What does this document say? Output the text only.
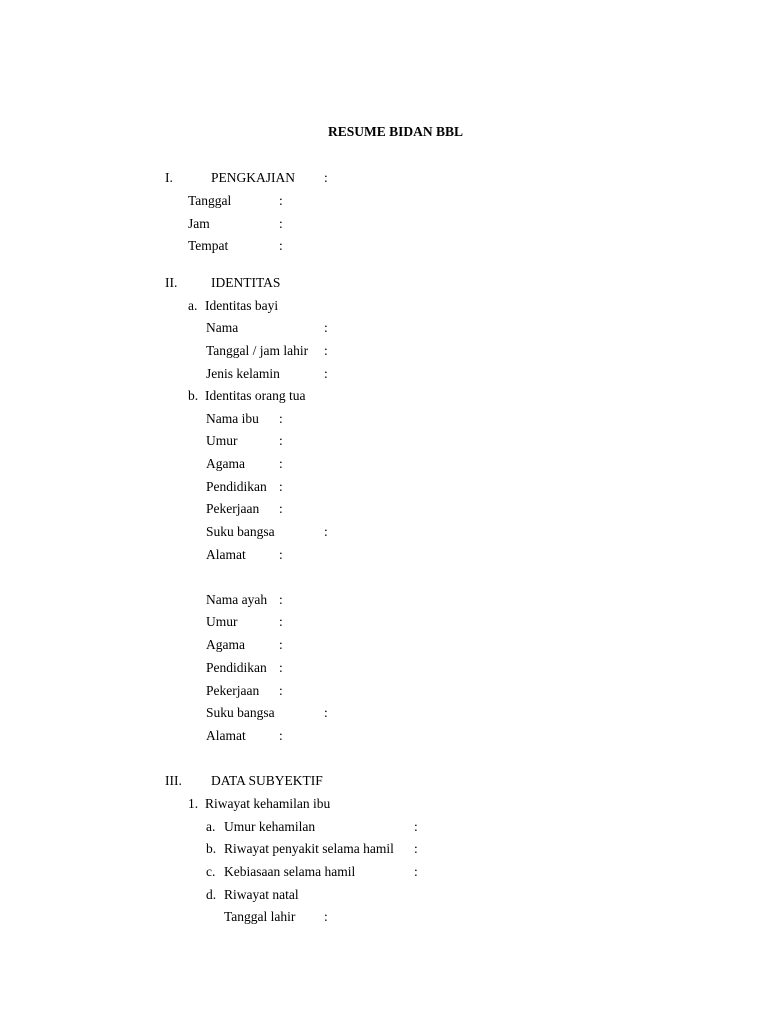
RESUME BIDAN BBL
I.	PENGKAJIAN :
Tanggal	:
Jam	:
Tempat	:
II. IDENTITAS
a. Identitas bayi
Nama	:
Tanggal / jam lahir :
Jenis kelamin	:
b. Identitas orang tua
Nama ibu :
Umur	:
Agama	:
Pendidikan :
Pekerjaan :
Suku bangsa	:
Alamat :
Nama ayah :
Umur	:
Agama	:
Pendidikan :
Pekerjaan :
Suku bangsa	:
Alamat :
III. DATA SUBYEKTIF
1. Riwayat kehamilan ibu
a. Umur kehamilan	:
b. Riwayat penyakit selama hamil :
c. Kebiasaan selama hamil	:
d. Riwayat natal
Tanggal lahir :
